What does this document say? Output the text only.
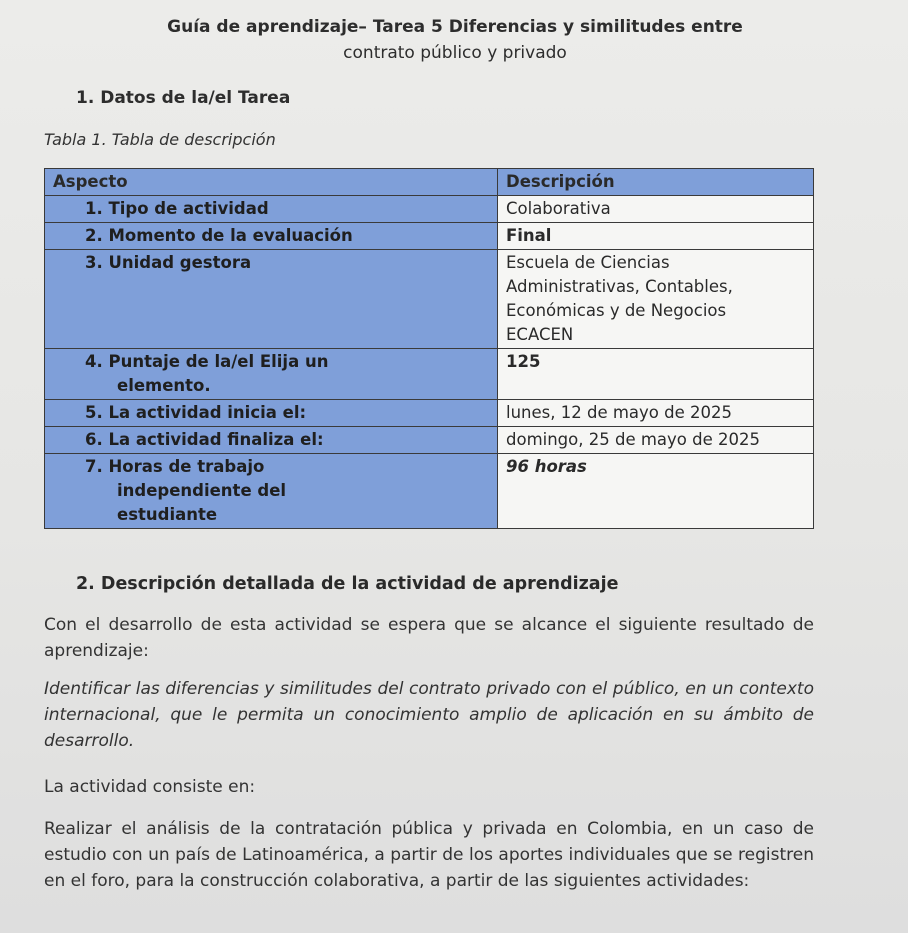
Guía de aprendizaje– Tarea 5 Diferencias y similitudes entre
contrato público y privado
1. Datos de la/el Tarea
Tabla 1. Tabla de descripción
Aspecto	Descripción
1. Tipo de actividad	Colaborativa
2. Momento de la evaluación	Final
3. Unidad gestora	Escuela de Ciencias
Administrativas, Contables,
Económicas y de Negocios
ECACEN

4. Puntaje de la/el Elija un
elemento.	125
5. La actividad inicia el:	lunes, 12 de mayo de 2025
6. La actividad finaliza el:	domingo, 25 de mayo de 2025

7. Horas de trabajo
independiente del
estudiante	96 horas
2. Descripción detallada de la actividad de aprendizaje
Con el desarrollo de esta actividad se espera que se alcance el siguiente resultado de aprendizaje:
Identificar las diferencias y similitudes del contrato privado con el público, en un contexto internacional, que le permita un conocimiento amplio de aplicación en su ámbito de desarrollo.
La actividad consiste en:
Realizar el análisis de la contratación pública y privada en Colombia, en un caso de estudio con un país de Latinoamérica, a partir de los aportes individuales que se registren en el foro, para la construcción colaborativa, a partir de las siguientes actividades:
